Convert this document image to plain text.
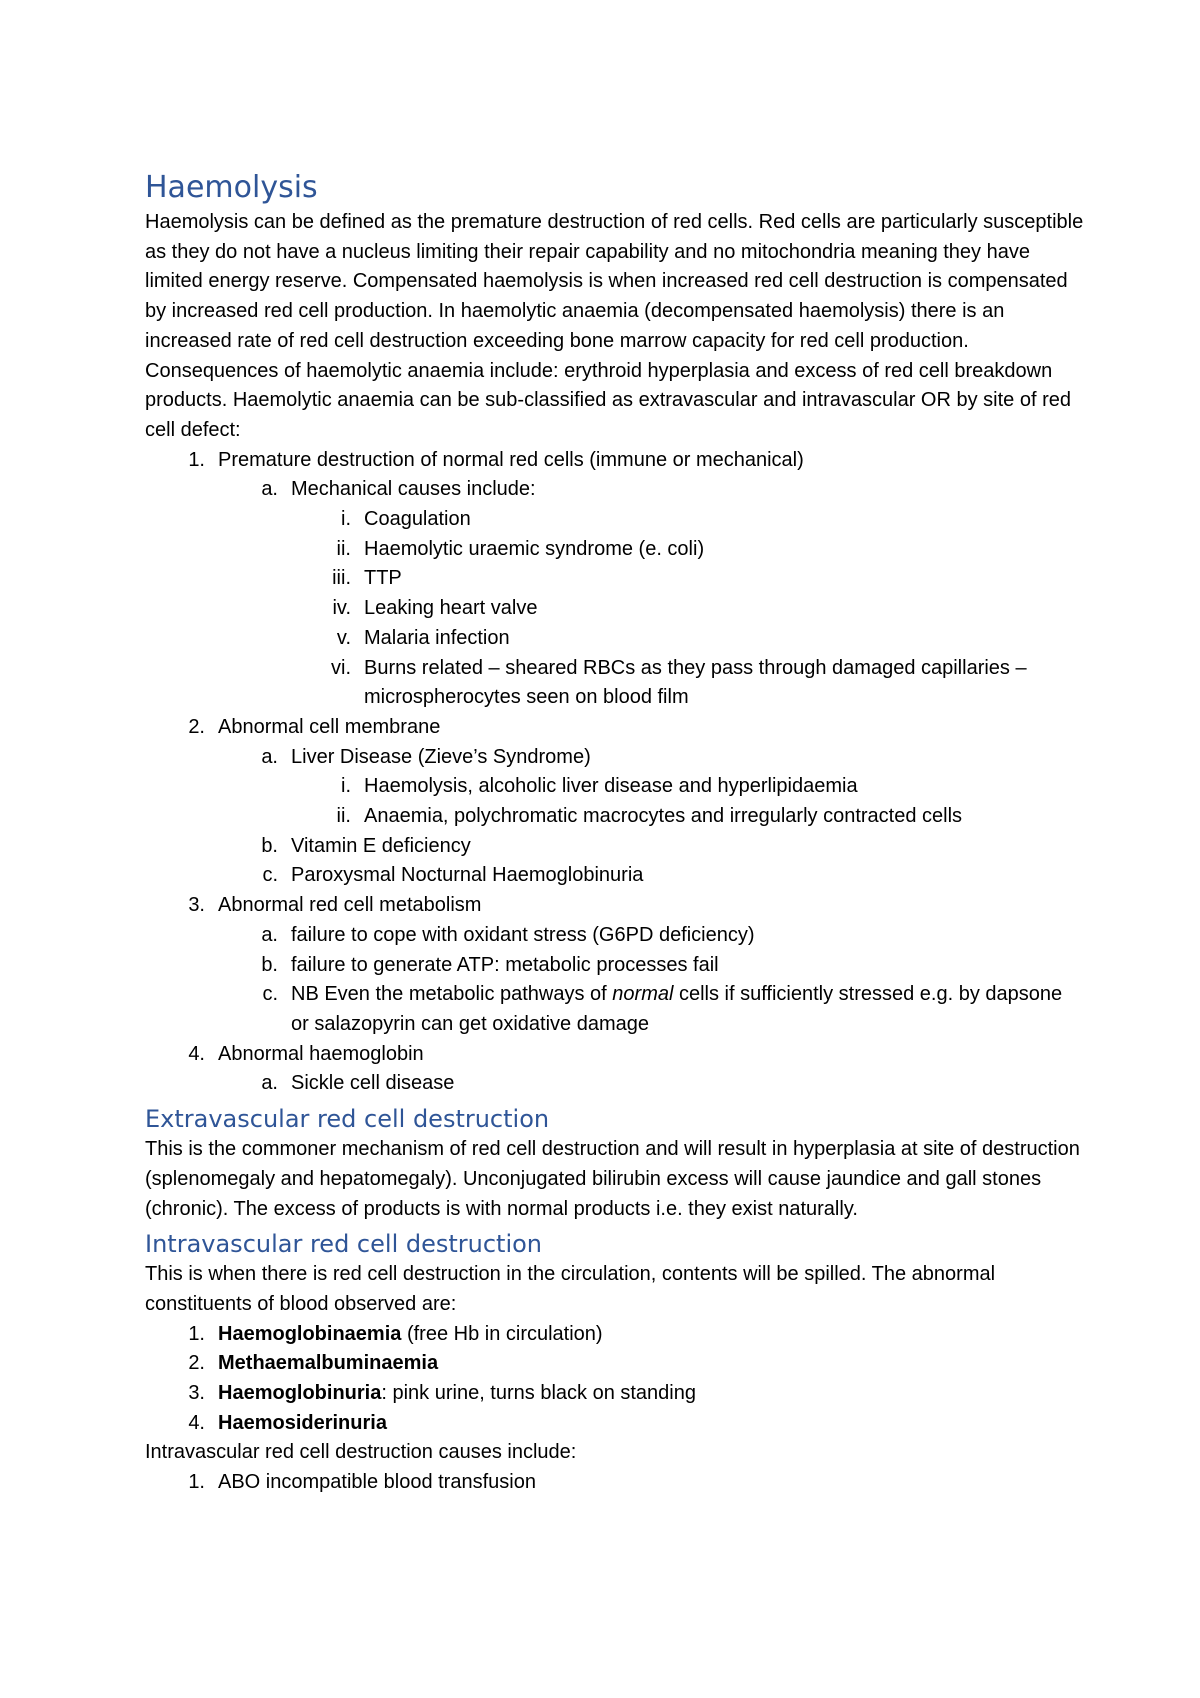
Haemolysis

Haemolysis can be defined as the premature destruction of red cells. Red cells are particularly susceptible as they do not have a nucleus limiting their repair capability and no mitochondria meaning they have limited energy reserve. Compensated haemolysis is when increased red cell destruction is compensated by increased red cell production. In haemolytic anaemia (decompensated haemolysis) there is an increased rate of red cell destruction exceeding bone marrow capacity for red cell production. Consequences of haemolytic anaemia include: erythroid hyperplasia and excess of red cell breakdown products. Haemolytic anaemia can be sub-classified as extravascular and intravascular OR by site of red cell defect:

1. Premature destruction of normal red cells (immune or mechanical)
a. Mechanical causes include:
i. Coagulation
ii. Haemolytic uraemic syndrome (e. coli)
iii. TTP
iv. Leaking heart valve
v. Malaria infection
vi. Burns related – sheared RBCs as they pass through damaged capillaries – microspherocytes seen on blood film
2. Abnormal cell membrane
a. Liver Disease (Zieve’s Syndrome)
i. Haemolysis, alcoholic liver disease and hyperlipidaemia
ii. Anaemia, polychromatic macrocytes and irregularly contracted cells
b. Vitamin E deficiency
c. Paroxysmal Nocturnal Haemoglobinuria
3. Abnormal red cell metabolism
a. failure to cope with oxidant stress (G6PD deficiency)
b. failure to generate ATP: metabolic processes fail
c. NB Even the metabolic pathways of normal cells if sufficiently stressed e.g. by dapsone or salazopyrin can get oxidative damage
4. Abnormal haemoglobin
a. Sickle cell disease
Extravascular red cell destruction

This is the commoner mechanism of red cell destruction and will result in hyperplasia at site of destruction (splenomegaly and hepatomegaly). Unconjugated bilirubin excess will cause jaundice and gall stones (chronic). The excess of products is with normal products i.e. they exist naturally.

Intravascular red cell destruction

This is when there is red cell destruction in the circulation, contents will be spilled. The abnormal constituents of blood observed are:

1. Haemoglobinaemia (free Hb in circulation)
2. Methaemalbuminaemia
3. Haemoglobinuria: pink urine, turns black on standing
4. Haemosiderinuria

Intravascular red cell destruction causes include:

1. ABO incompatible blood transfusion
